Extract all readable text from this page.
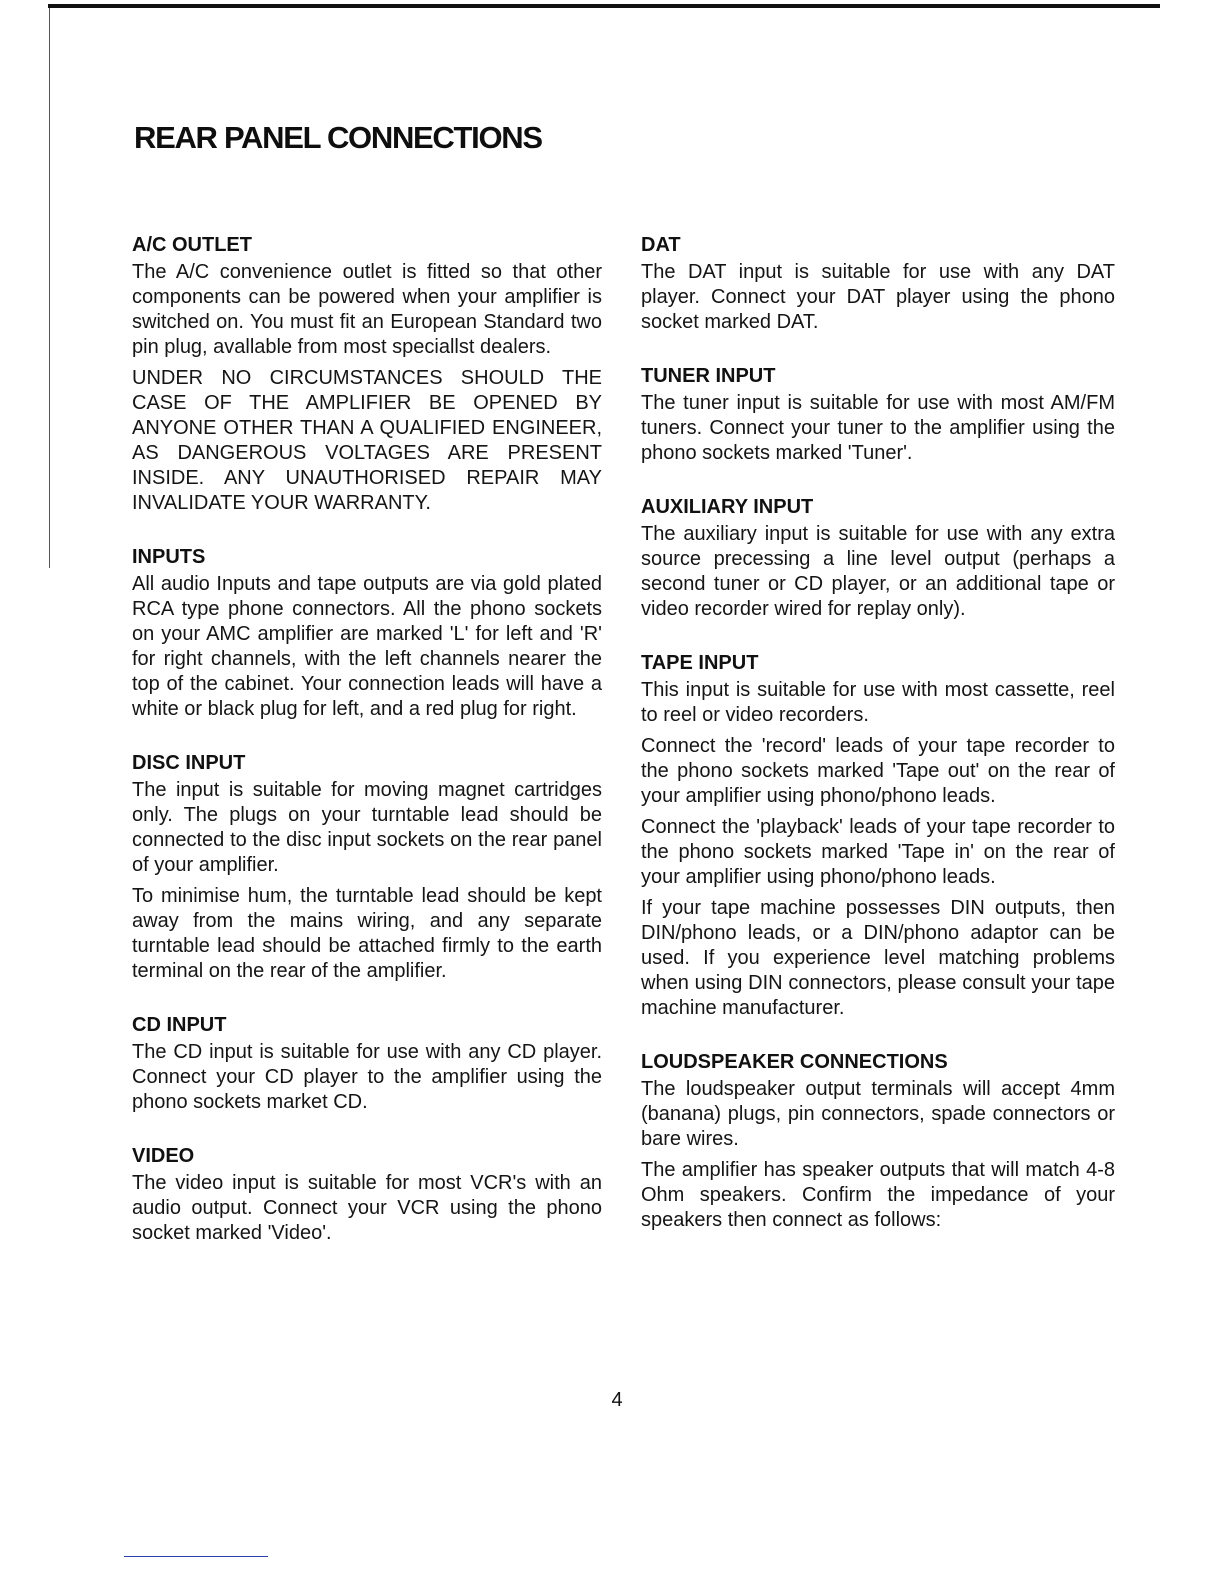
REAR PANEL CONNECTIONS
A/C OUTLET

The A/C convenience outlet is fitted so that other components can be powered when your amplifier is switched on. You must fit an European Standard two pin plug, avallable from most speciallst dealers.

UNDER NO CIRCUMSTANCES SHOULD THE CASE OF THE AMPLIFIER BE OPENED BY ANYONE OTHER THAN A QUALIFIED ENGINEER, AS DANGEROUS VOLTAGES ARE PRESENT INSIDE. ANY UNAUTHORISED REPAIR MAY INVALIDATE YOUR WARRANTY.

INPUTS

All audio Inputs and tape outputs are via gold plated RCA type phone connectors. All the phono sockets on your AMC amplifier are marked 'L' for left and 'R' for right channels, with the left channels nearer the top of the cabinet. Your connection leads will have a white or black plug for left, and a red plug for right.

DISC INPUT

The input is suitable for moving magnet cartridges only. The plugs on your turntable lead should be connected to the disc input sockets on the rear panel of your amplifier.

To minimise hum, the turntable lead should be kept away from the mains wiring, and any separate turntable lead should be attached firmly to the earth terminal on the rear of the amplifier.

CD INPUT

The CD input is suitable for use with any CD player. Connect your CD player to the amplifier using the phono sockets market CD.

VIDEO

The video input is suitable for most VCR's with an audio output. Connect your VCR using the phono socket marked 'Video'.

DAT

The DAT input is suitable for use with any DAT player. Connect your DAT player using the phono socket marked DAT.

TUNER INPUT

The tuner input is suitable for use with most AM/FM tuners. Connect your tuner to the amplifier using the phono sockets marked 'Tuner'.

AUXILIARY INPUT

The auxiliary input is suitable for use with any extra source precessing a line level output (perhaps a second tuner or CD player, or an additional tape or video recorder wired for replay only).

TAPE INPUT

This input is suitable for use with most cassette, reel to reel or video recorders.

Connect the 'record' leads of your tape recorder to the phono sockets marked 'Tape out' on the rear of your amplifier using phono/phono leads.

Connect the 'playback' leads of your tape recorder to the phono sockets marked 'Tape in' on the rear of your amplifier using phono/phono leads.

If your tape machine possesses DIN outputs, then DIN/phono leads, or a DIN/phono adaptor can be used. If you experience level matching problems when using DIN connectors, please consult your tape machine manufacturer.

LOUDSPEAKER CONNECTIONS

The loudspeaker output terminals will accept 4mm (banana) plugs, pin connectors, spade connectors or bare wires.

The amplifier has speaker outputs that will match 4-8 Ohm speakers. Confirm the impedance of your speakers then connect as follows:

4
